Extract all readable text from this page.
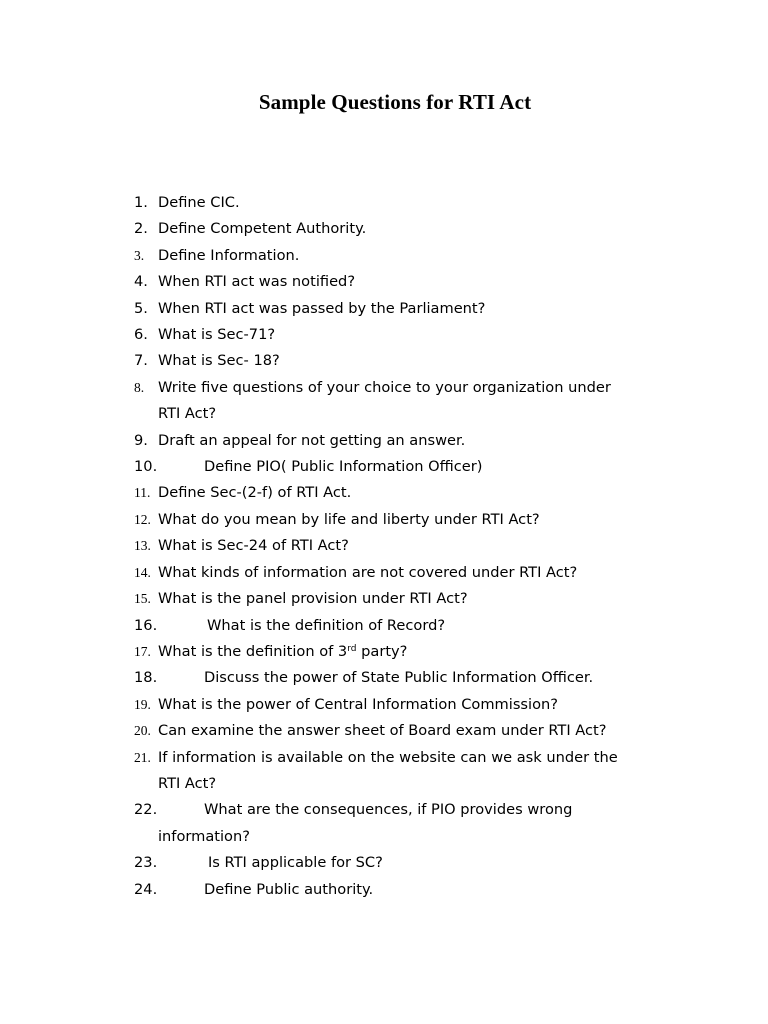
Sample Questions for RTI Act
1. Define CIC.
2. Define Competent Authority.
3. Define Information.
4. When RTI act was notified?
5. When RTI act was passed by the Parliament?
6. What is Sec-71?
7. What is Sec- 18?
8. Write five questions of your choice to your organization under
RTI Act?
9. Draft an appeal for not getting an answer.
10.	Define PIO( Public Information Officer)
11. Define Sec-(2-f) of RTI Act.
12. What do you mean by life and liberty under RTI Act?
13. What is Sec-24 of RTI Act?
14. What kinds of information are not covered under RTI Act?
15. What is the panel provision under RTI Act?
16.	What is the definition of Record?
17. What is the definition of 3rd party?
18.	Discuss the power of State Public Information Officer.
19. What is the power of Central Information Commission?
20. Can examine the answer sheet of Board exam under RTI Act?
21. If information is available on the website can we ask under the
RTI Act?
22.	What are the consequences, if PIO provides wrong
information?
23.	Is RTI applicable for SC?
24.	Define Public authority.
